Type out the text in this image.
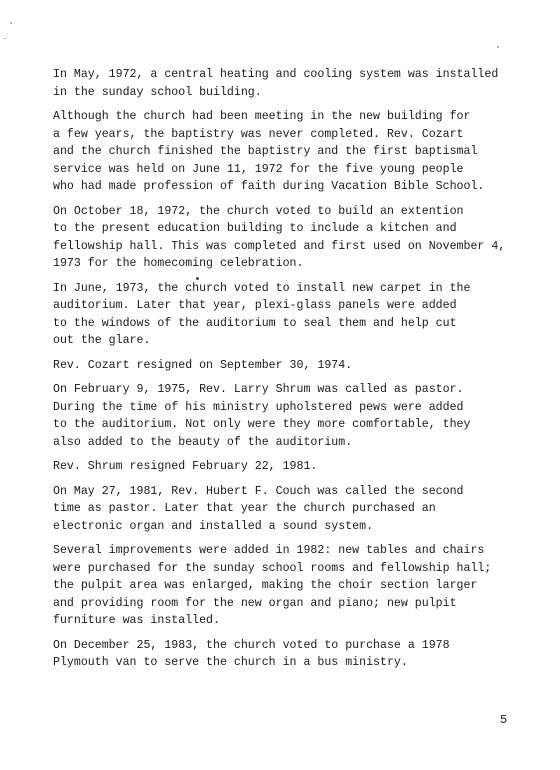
In May, 1972, a central heating and cooling system was installed
in the sunday school building.

Although the church had been meeting in the new building for
a few years, the baptistry was never completed. Rev. Cozart
and the church finished the baptistry and the first baptismal
service was held on June 11, 1972 for the five young people
who had made profession of faith during Vacation Bible School.

On October 18, 1972, the church voted to build an extention
to the present education building to include a kitchen and
fellowship hall. This was completed and first used on November 4,
1973 for the homecoming celebration.

In June, 1973, the church voted to install new carpet in the
auditorium. Later that year, plexi-glass panels were added
to the windows of the auditorium to seal them and help cut
out the glare.

Rev. Cozart resigned on September 30, 1974.

On February 9, 1975, Rev. Larry Shrum was called as pastor.
During the time of his ministry upholstered pews were added
to the auditorium. Not only were they more comfortable, they
also added to the beauty of the auditorium.

Rev. Shrum resigned February 22, 1981.

On May 27, 1981, Rev. Hubert F. Couch was called the second
time as pastor. Later that year the church purchased an
electronic organ and installed a sound system.

Several improvements were added in 1982: new tables and chairs
were purchased for the sunday school rooms and fellowship hall;
the pulpit area was enlarged, making the choir section larger
and providing room for the new organ and piano; new pulpit
furniture was installed.

On December 25, 1983, the church voted to purchase a 1978
Plymouth van to serve the church in a bus ministry.

5
